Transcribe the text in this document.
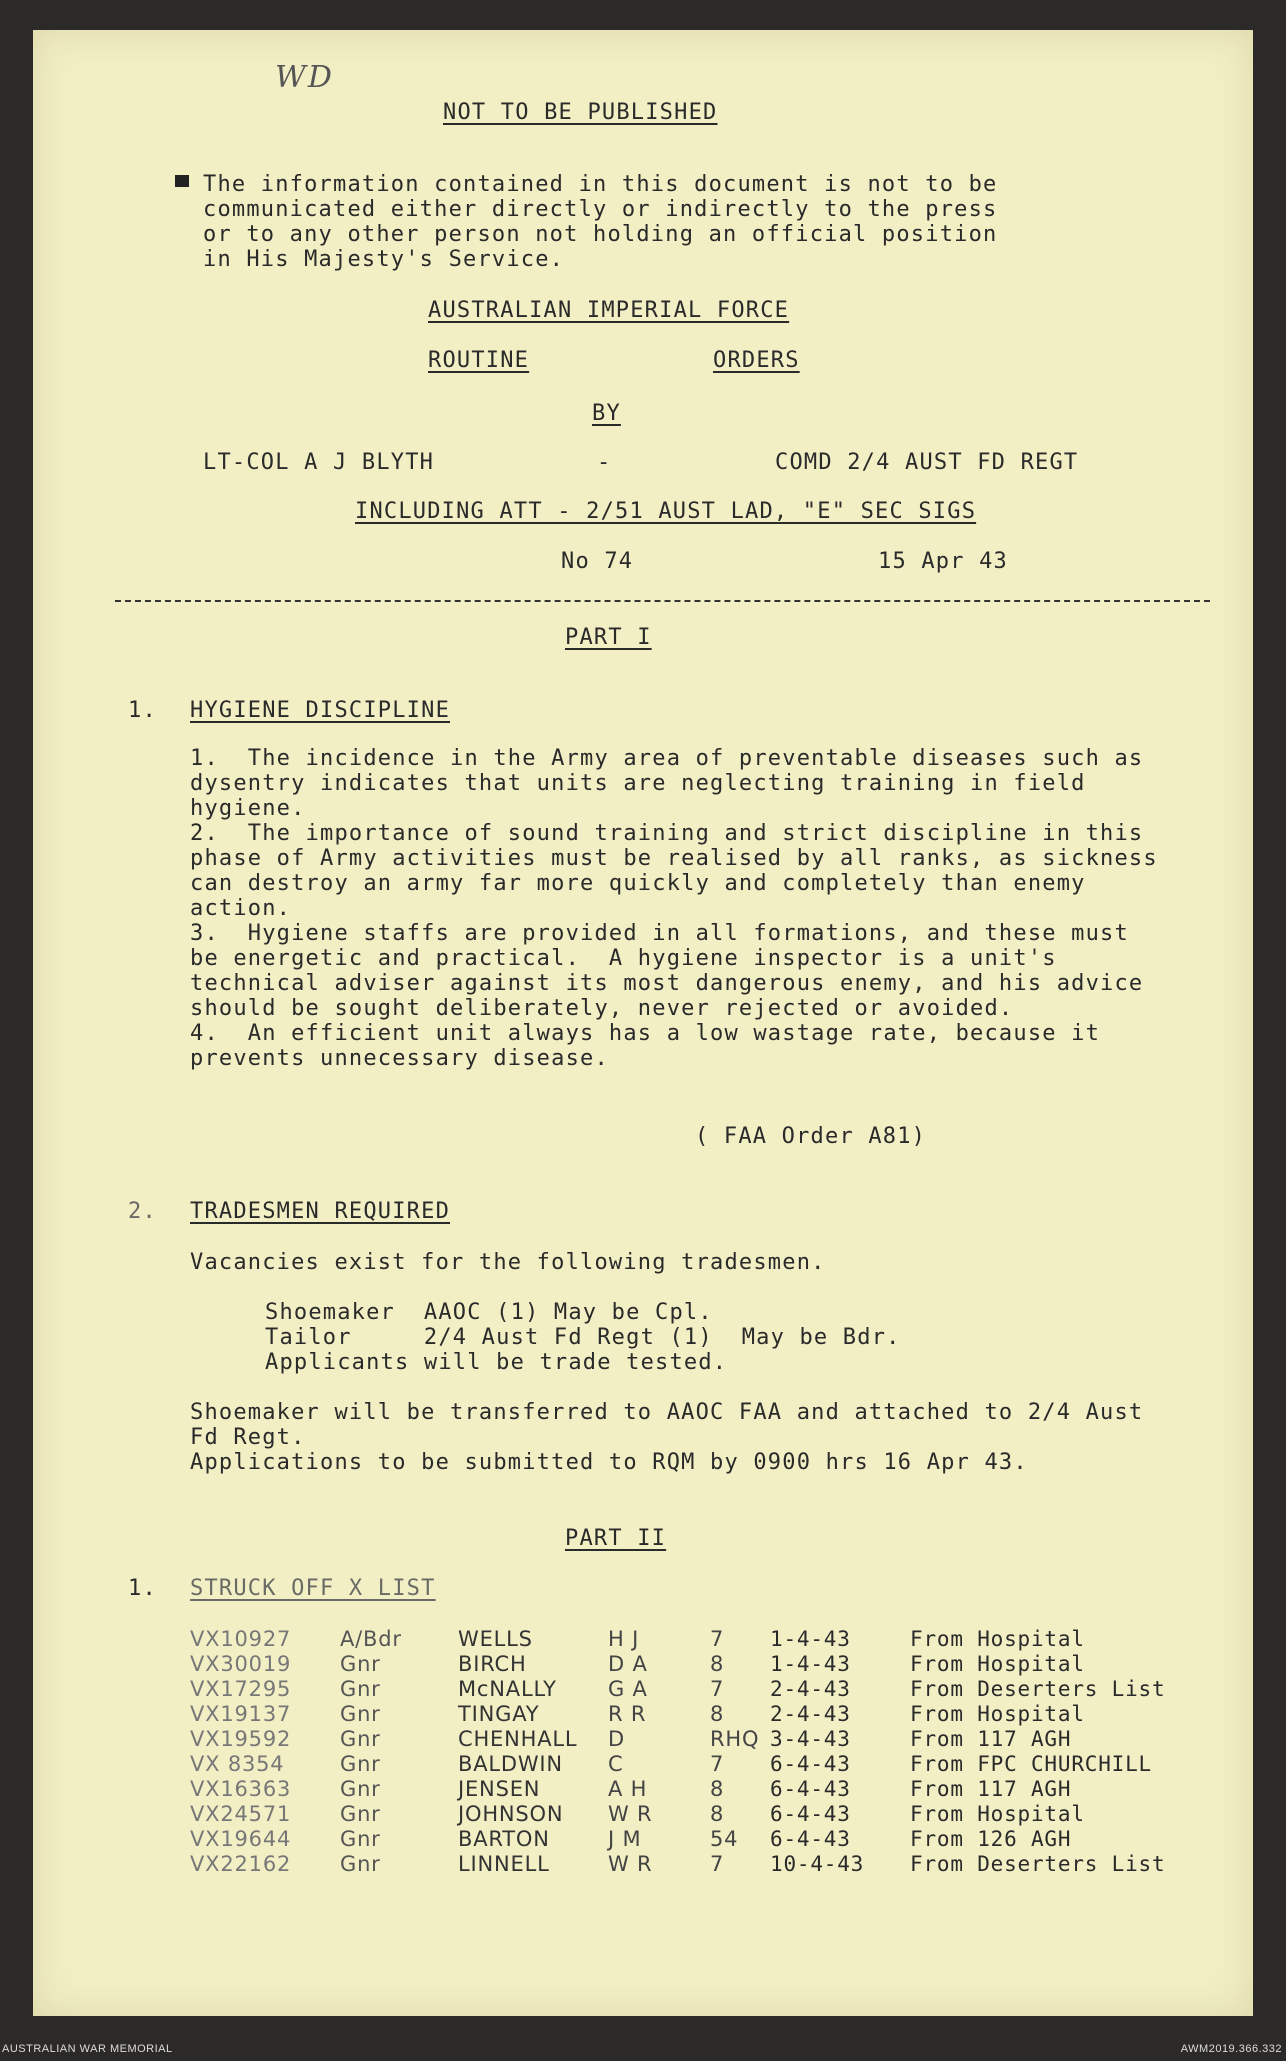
WD
NOT TO BE PUBLISHED
The information contained in this document is not to be
communicated either directly or indirectly to the press
or to any other person not holding an official position
in His Majesty's Service.
AUSTRALIAN IMPERIAL FORCE
ROUTINE	ORDERS
BY
LT-COL A J BLYTH	-	COMD 2/4 AUST FD REGT
INCLUDING ATT - 2/51 AUST LAD, "E" SEC SIGS
No 74	15 Apr 43
PART I
1. HYGIENE DISCIPLINE
1.  The incidence in the Army area of preventable diseases such as
dysentry indicates that units are neglecting training in field
hygiene.
2.  The importance of sound training and strict discipline in this
phase of Army activities must be realised by all ranks, as sickness
can destroy an army far more quickly and completely than enemy
action.
3.  Hygiene staffs are provided in all formations, and these must
be energetic and practical.  A hygiene inspector is a unit's
technical adviser against its most dangerous enemy, and his advice
should be sought deliberately, never rejected or avoided.
4.  An efficient unit always has a low wastage rate, because it
prevents unnecessary disease.
( FAA Order A81)
2. TRADESMEN REQUIRED
Vacancies exist for the following tradesmen.
Shoemaker  AAOC (1) May be Cpl.
Tailor     2/4 Aust Fd Regt (1)  May be Bdr.
Applicants will be trade tested.
Shoemaker will be transferred to AAOC FAA and attached to 2/4 Aust
Fd Regt.
Applications to be submitted to RQM by 0900 hrs 16 Apr 43.
PART II
1. STRUCK OFF X LIST
VX10927 A/Bdr	WELLS	H J	7 1-4-43	From Hospital
VX30019 Gnr	BIRCH	D A	8 1-4-43	From Hospital
VX17295 Gnr	McNALLY G A	7 2-4-43	From Deserters List
VX19137 Gnr	TINGAY	R R	8 2-4-43	From Hospital
VX19592 Gnr	CHENHALL D	RHQ 3-4-43	From 117 AGH
VX 8354	Gnr	BALDWIN C	7 6-4-43	From FPC CHURCHILL
VX16363 Gnr	JENSEN	A H	8 6-4-43	From 117 AGH
VX24571 Gnr	JOHNSON W R	8 6-4-43	From Hospital
VX19644 Gnr	BARTON	J M	54 6-4-43	From 126 AGH
VX22162 Gnr	LINNELL	W R	7 10-4-43 From Deserters List
AUSTRALIAN WAR MEMORIAL	AWM2019.366.332
